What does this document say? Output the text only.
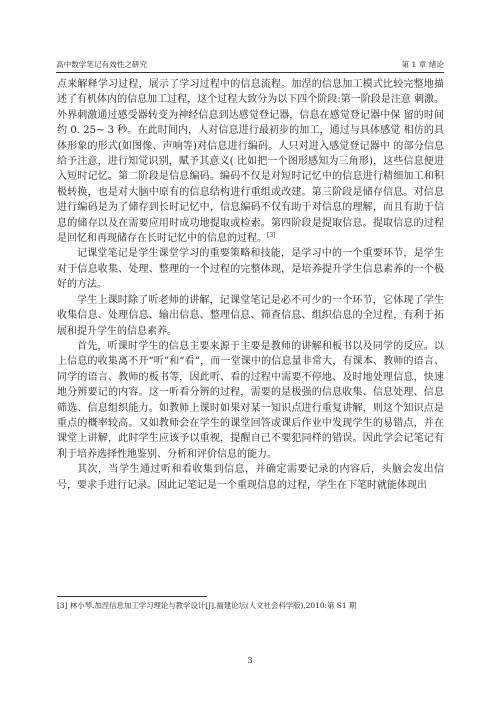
高中数学笔记有效性之研究	第 1 章 绪论

点来解释学习过程，展示了学习过程中的信息流程。加涅的信息加工模式比较完整地描述了有机体内的信息加工过程，这个过程大致分为以下四个阶段:第一阶段是注意 刺激。外界刺激通过感受器转变为神经信息到达感觉登记器，信息在感觉登记器中保 留的时间约 0. 25~ 3 秒。在此时间内，人对信息进行最初步的加工，通过与具体感觉 相仿的具体形象的形式(如图像、声响等)对信息进行编码。人只对进入感觉登记器中 的部分信息给予注意，进行知觉识别，赋予其意义( 比如把一个图形感知为三角形)，这些信息便进入短时记忆。第二阶段是信息编码。编码不仅是对短时记忆中的信息进行精细加工和积极转换，也是对大脑中原有的信息结构进行重组或改建。第三阶段是储存信息。对信息进行编码是为了储存到长时记忆中，信息编码不仅有助于对信息的理解，而且有助于信息的储存以及在需要应用时成功地提取或检索。第四阶段是提取信息。提取信息的过程是回忆和再现储存在长时记忆中的信息的过程。[3]

记课堂笔记是学生课堂学习的重要策略和技能，是学习中的一个重要环节，是学生对于信息收集、处理、整理的一个过程的完整体现，是培养提升学生信息素养的一个极好的方法。

学生上课时除了听老师的讲解，记课堂笔记是必不可少的一个环节，它体现了学生收集信息、处理信息、输出信息、整理信息、筛查信息、组织信息的全过程，有利于拓展和提升学生的信息素养。

首先，听课时学生的信息主要来源于主要是教师的讲解和板书以及同学的反应。以上信息的收集离不开“听”和“看”，而一堂课中的信息量非常大，有课本、教师的语言、同学的语言、教师的板书等，因此听、看的过程中需要不停地、及时地处理信息，快速地分辨要记的内容。这一听看分辨的过程，需要的是极强的信息收集、信息处理、信息筛选、信息组织能力。如教师上课时如果对某一知识点进行重复讲解，则这个知识点是重点的概率较高。又如教师会在学生的课堂回答或课后作业中发现学生的易错点，并在课堂上讲解，此时学生应该予以重视，提醒自己不要犯同样的错误。因此学会记笔记有利于培养选择性地鉴别、分析和评价信息的能力。

其次，当学生通过听和看收集到信息，并确定需要记录的内容后，头脑会发出信号，要求手进行记录。因此记笔记是一个重现信息的过程，学生在下笔时就能体现出

[3] 林小琴.加涅信息加工学习理论与教学设计[J].福建论坛(人文社会科学版),2010:第 S1 期
3
